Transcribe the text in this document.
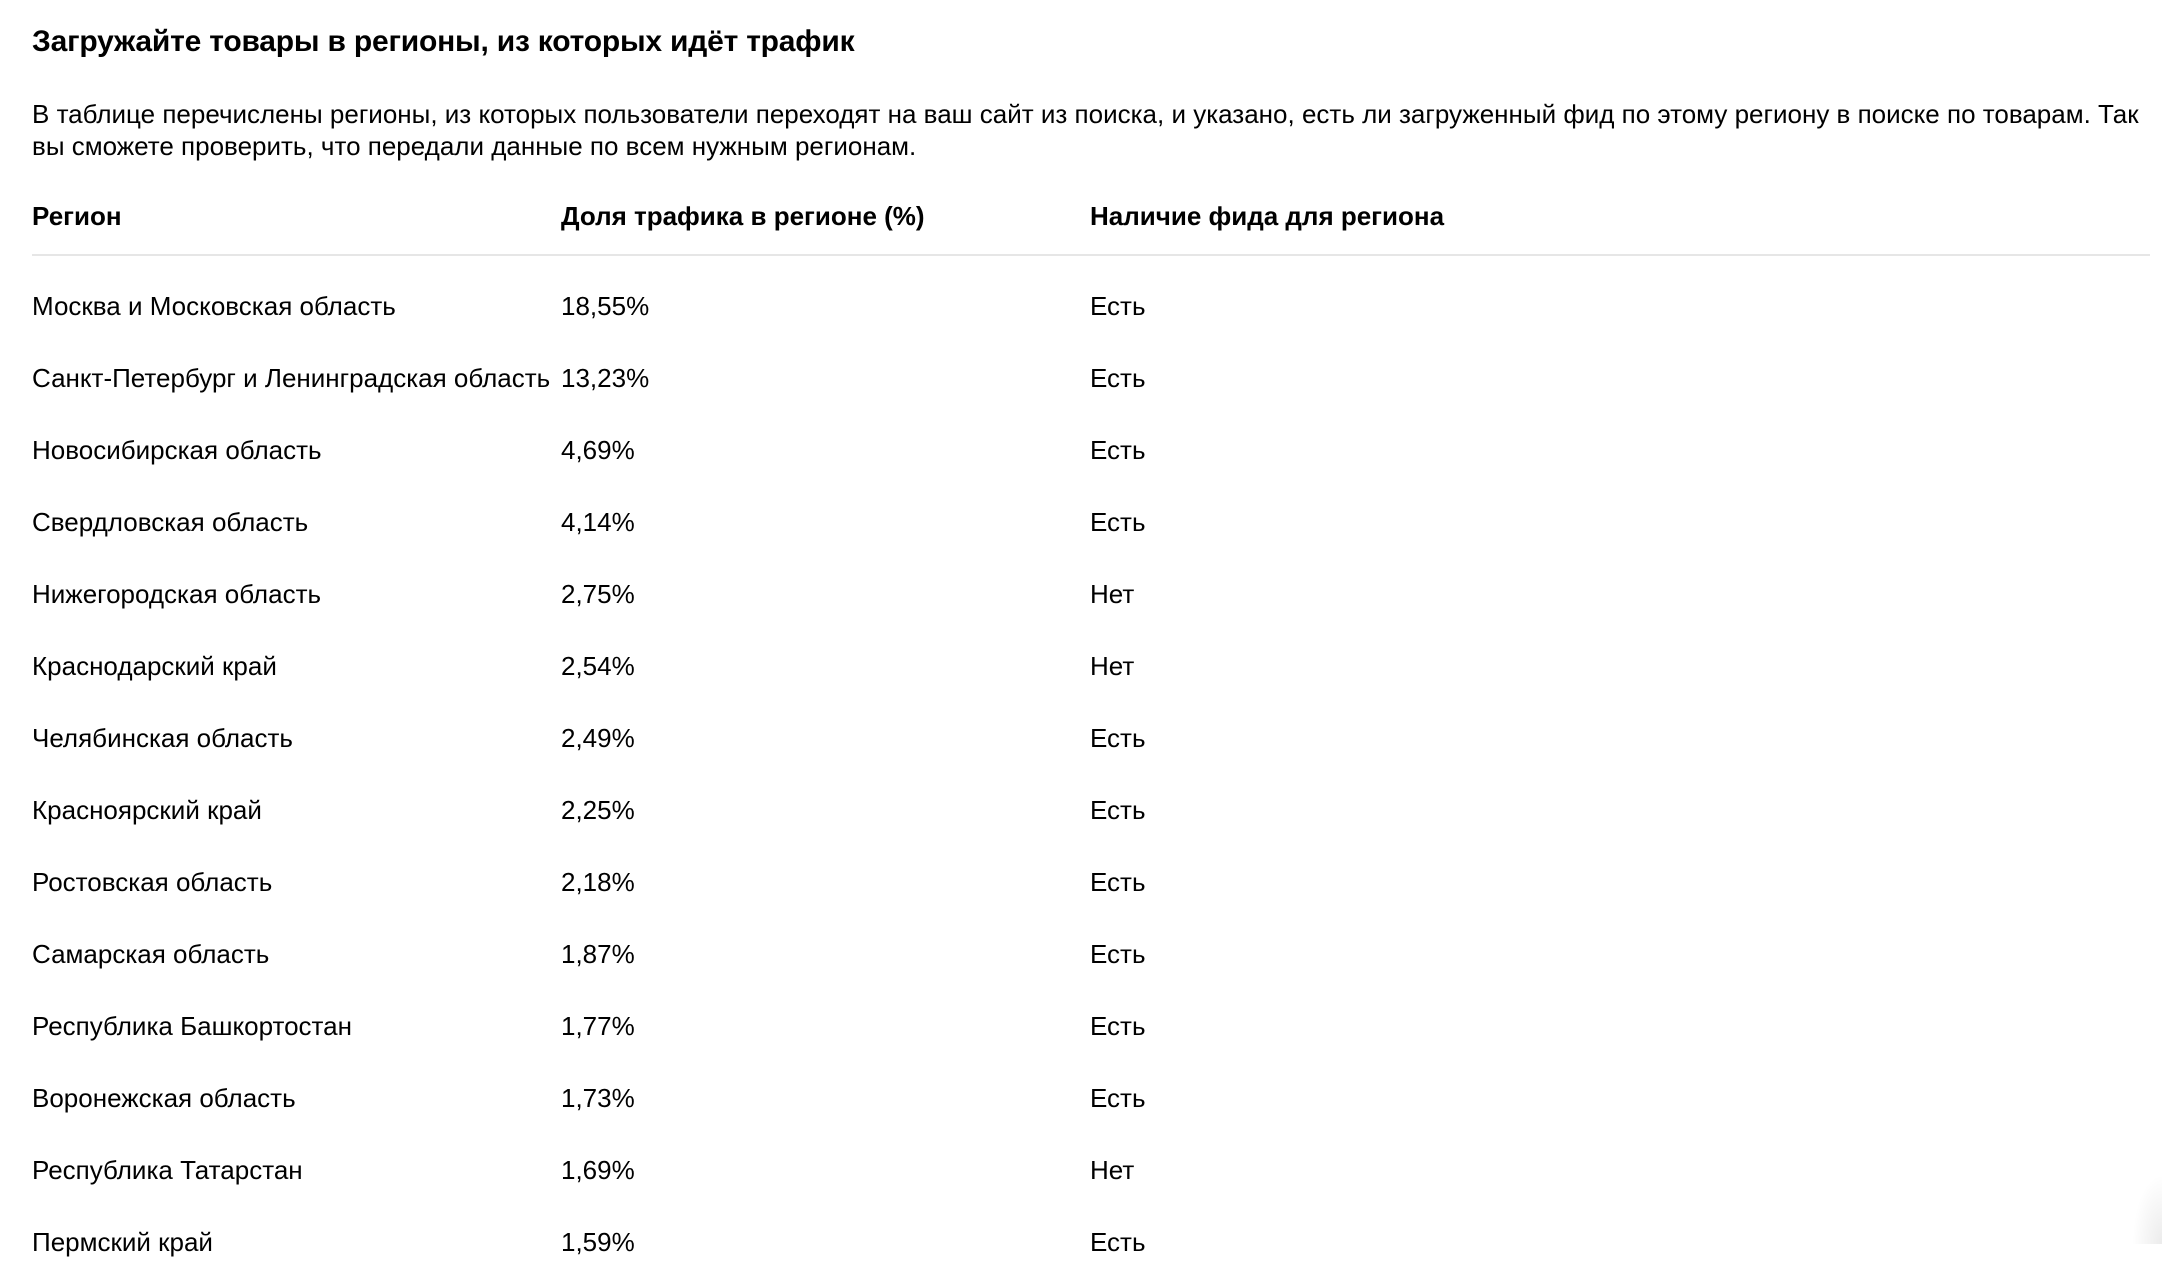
Загружайте товары в регионы, из которых идёт трафик

В таблице перечислены регионы, из которых пользователи переходят на ваш сайт из поиска, и указано, есть ли загруженный фид по этому региону в поиске по товарам. Так вы сможете проверить, что передали данные по всем нужным регионам.

Регион	Доля трафика в регионе (%)	Наличие фида для региона
Москва и Московская область	18,55%	Есть
Санкт-Петербург и Ленинградская область 13,23%	Есть
Новосибирская область	4,69%	Есть
Свердловская область	4,14%	Есть
Нижегородская область	2,75%	Нет
Краснодарский край	2,54%	Нет
Челябинская область	2,49%	Есть
Красноярский край	2,25%	Есть
Ростовская область	2,18%	Есть
Самарская область	1,87%	Есть
Республика Башкортостан	1,77%	Есть
Воронежская область	1,73%	Есть
Республика Татарстан	1,69%	Нет
Пермский край	1,59%	Есть
